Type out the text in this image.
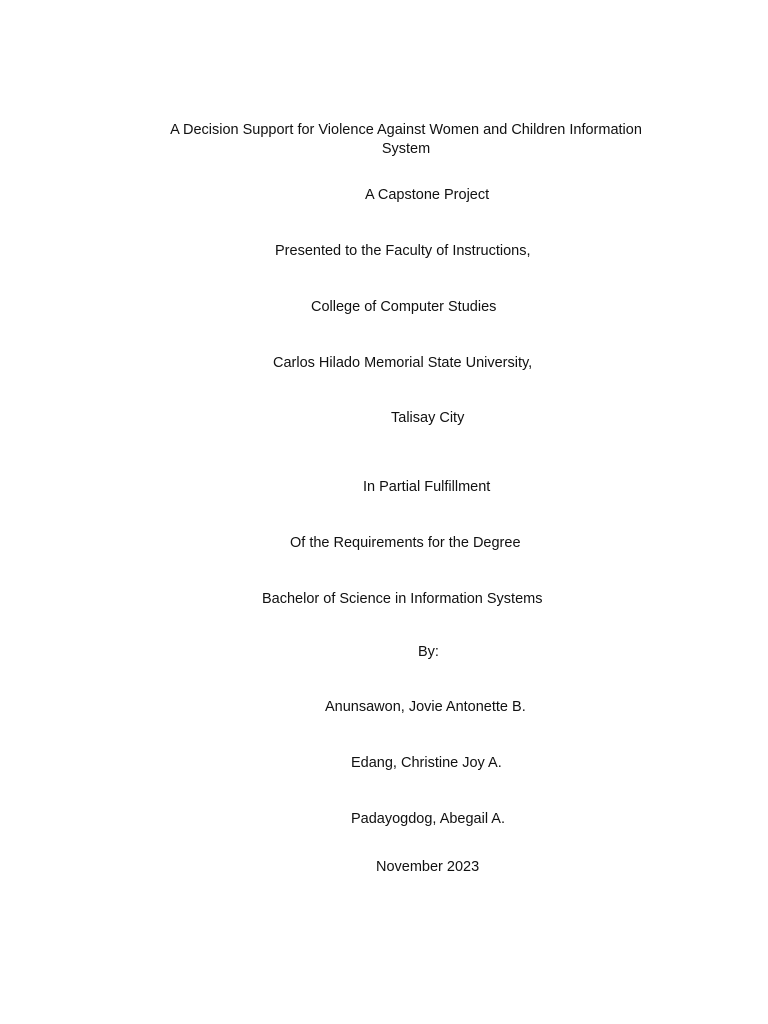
A Decision Support for Violence Against Women and Children Information System
A Capstone Project
Presented to the Faculty of Instructions,
College of Computer Studies
Carlos Hilado Memorial State University,
Talisay City
In Partial Fulfillment
Of the Requirements for the Degree
Bachelor of Science in Information Systems
By:
Anunsawon, Jovie Antonette B.
Edang, Christine Joy A.
Padayogdog, Abegail A.
November 2023
